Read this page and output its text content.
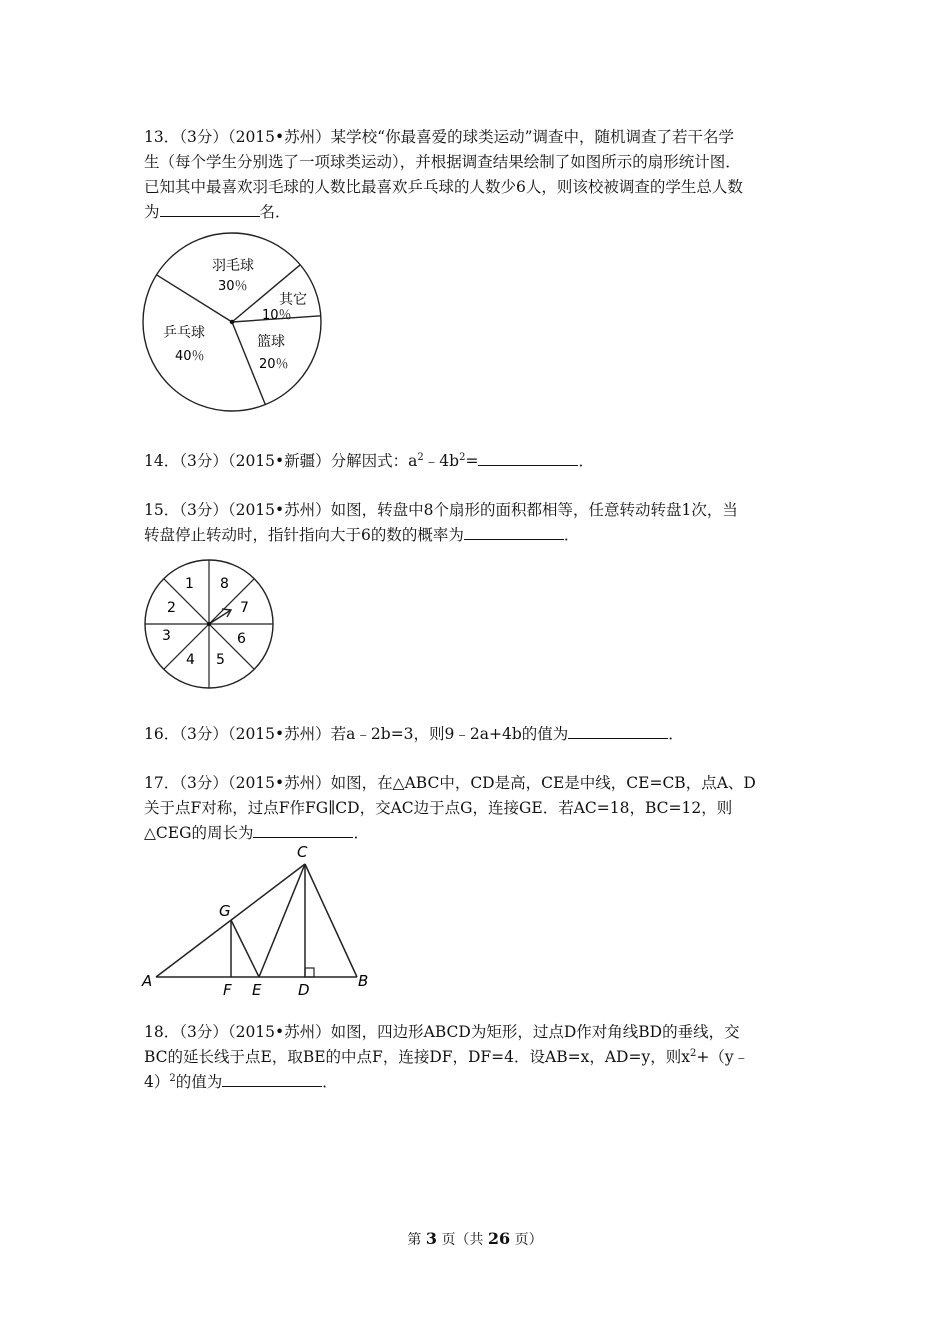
13．（3分）（2015•苏州）某学校“你最喜爱的球类运动”调查中，随机调查了若干名学

生（每个学生分别选了一项球类运动），并根据调查结果绘制了如图所示的扇形统计图．

已知其中最喜欢羽毛球的人数比最喜欢乒乓球的人数少6人，则该校被调查的学生总人数

为	名．

羽毛球
30％
其它
10％
篮球
20％
乒乓球
40％

14．（3分）（2015•新疆）分解因式：$a^2﹣4b^2=$	．

15．（3分）（2015•苏州）如图，转盘中8个扇形的面积都相等，任意转动转盘1次，当

转盘停止转动时，指针指向大于6的数的概率为	．

1
2
3
4 5
6
7
8

16．（3分）（2015•苏州）若a﹣2b=3，则9﹣2a+4b的值为	．

17．（3分）（2015•苏州）如图，在△ABC中，CD是高，CE是中线，CE=CB，点A、D

关于点F对称，过点F作FG∥CD，交AC边于点G，连接GE．若AC=18，BC=12，则

△CEG的周长为	．

A	B
C
D
E
F
G

18．（3分）（2015•苏州）如图，四边形ABCD为矩形，过点D作对角线BD的垂线，交

BC的延长线于点E，取BE的中点F，连接DF，DF=4．设AB=x，AD=y，则$x^2+(y﹣$

4）$^2$的值为	．

第 3 页（共 26 页）
